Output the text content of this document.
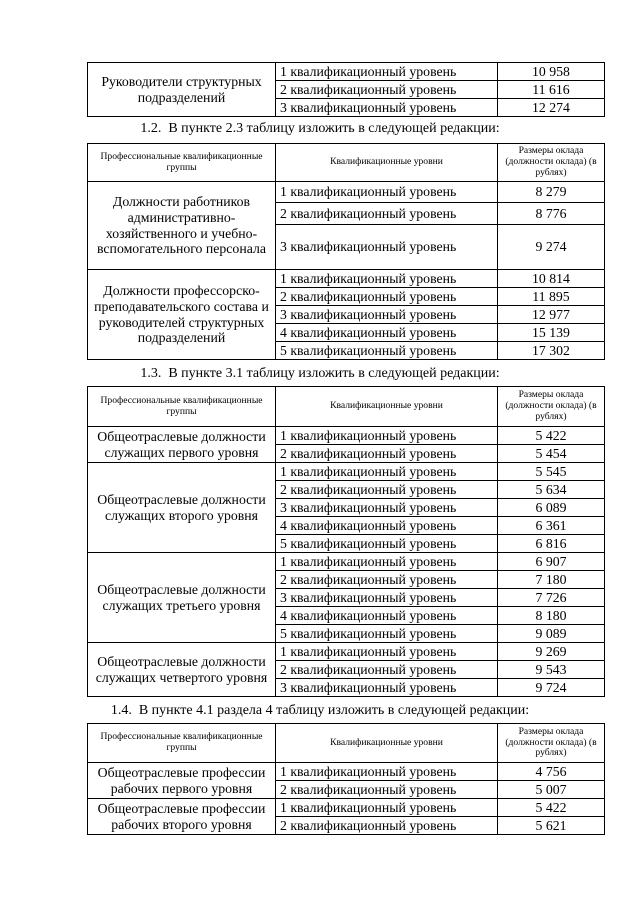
Руководители структурных подразделений	1 квалификационный уровень	10 958
	2 квалификационный уровень	11 616
	3 квалификационный уровень	12 274
1.2.  В пункте 2.3 таблицу изложить в следующей редакции:
Профессиональные квалификационные группы	Квалификационные уровни	Размеры оклада (должности оклада) (в рублях)
Должности работников административно-хозяйственного и учебно-вспомогательного персонала	1 квалификационный уровень	8 279
	2 квалификационный уровень	8 776
	3 квалификационный уровень	9 274
Должности профессорско-преподавательского состава и руководителей структурных подразделений	1 квалификационный уровень	10 814
	2 квалификационный уровень	11 895
	3 квалификационный уровень	12 977
	4 квалификационный уровень	15 139
	5 квалификационный уровень	17 302
1.3.  В пункте 3.1 таблицу изложить в следующей редакции:
Профессиональные квалификационные группы	Квалификационные уровни	Размеры оклада (должности оклада) (в рублях)
Общеотраслевые должности служащих первого уровня	1 квалификационный уровень	5 422
	2 квалификационный уровень	5 454
Общеотраслевые должности служащих второго уровня	1 квалификационный уровень	5 545
	2 квалификационный уровень	5 634
	3 квалификационный уровень	6 089
	4 квалификационный уровень	6 361
	5 квалификационный уровень	6 816
Общеотраслевые должности служащих третьего уровня	1 квалификационный уровень	6 907
	2 квалификационный уровень	7 180
	3 квалификационный уровень	7 726
	4 квалификационный уровень	8 180
	5 квалификационный уровень	9 089
Общеотраслевые должности служащих четвертого уровня	1 квалификационный уровень	9 269
	2 квалификационный уровень	9 543
	3 квалификационный уровень	9 724
1.4.  В пункте 4.1 раздела 4 таблицу изложить в следующей редакции:
Профессиональные квалификационные группы	Квалификационные уровни	Размеры оклада (должности оклада) (в рублях)
Общеотраслевые профессии рабочих первого уровня	1 квалификационный уровень	4 756
	2 квалификационный уровень	5 007
Общеотраслевые профессии рабочих второго уровня	1 квалификационный уровень	5 422
	2 квалификационный уровень	5 621
